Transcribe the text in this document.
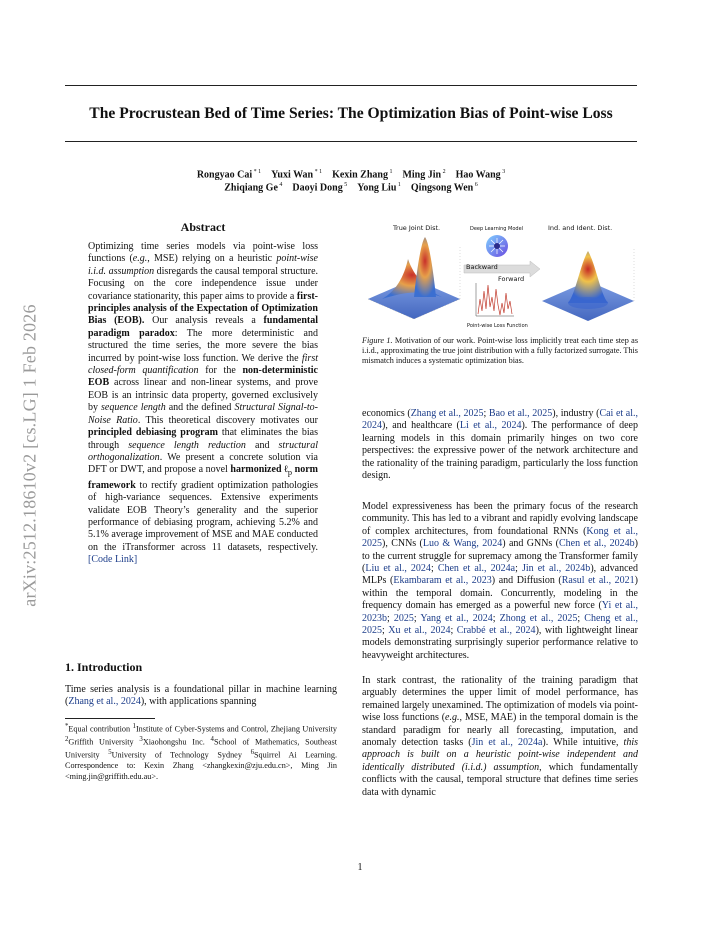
arXiv:2512.18610v2 [cs.LG] 1 Feb 2026
The Procrustean Bed of Time Series: The Optimization Bias of Point-wise Loss
Rongyao Cai $^{* 1}$  Yuxi Wan $^{* 1}$  Kexin Zhang $^1$  Ming Jin $^2$  Hao Wang $^3$
Zhiqiang Ge $^4$  Daoyi Dong $^5$  Yong Liu $^1$  Qingsong Wen $^6$
Abstract

Optimizing time series models via point-wise loss functions (e.g., MSE) relying on a heuristic point-wise i.i.d. assumption disregards the causal temporal structure. Focusing on the core independence issue under covariance stationarity, this paper aims to provide a first-principles analysis of the Expectation of Optimization Bias (EOB). Our analysis reveals a fundamental paradigm paradox: The more deterministic and structured the time series, the more severe the bias incurred by point-wise loss function. We derive the first closed-form quantification for the non-deterministic EOB across linear and non-linear systems, and prove EOB is an intrinsic data property, governed exclusively by sequence length and the defined Structural Signal-to-Noise Ratio. This theoretical discovery motivates our principled debiasing program that eliminates the bias through sequence length reduction and structural orthogonalization. We present a concrete solution via DFT or DWT, and propose a novel harmonized ℓ$_p$ norm framework to rectify gradient optimization pathologies of high-variance sequences. Extensive experiments validate EOB Theory’s generality and the superior performance of debiasing program, achieving 5.2% and 5.1% average improvement of MSE and MAE conducted on the iTransformer across 11 datasets, respectively. [Code Link]

1. Introduction

Time series analysis is a foundational pillar in machine learning (Zhang et al., 2024), with applications spanning

*Equal contribution $^1$Institute of Cyber-Systems and Control, Zhejiang University $^2$Griffith University $^3$Xiaohongshu Inc. $^4$School of Mathematics, Southeast University $^5$University of Technology Sydney $^6$Squirrel Ai Learning. Correspondence to: Kexin Zhang <zhangkexin@zju.edu.cn>, Ming Jin <ming.jin@griffith.edu.au>.

True Joint Dist.	Deep Learning Model
Backward
Forward
Point-wise Loss Function
Ind. and Ident. Dist.

Figure 1. Motivation of our work. Point-wise loss implicitly treat each time step as i.i.d., approximating the true joint distribution with a fully factorized surrogate. This mismatch induces a systematic optimization bias.

economics (Zhang et al., 2025; Bao et al., 2025), industry (Cai et al., 2024), and healthcare (Li et al., 2024). The performance of deep learning models in this domain primarily hinges on two core perspectives: the expressive power of the network architecture and the rationality of the training paradigm, particularly the loss function design.

Model expressiveness has been the primary focus of the research community. This has led to a vibrant and rapidly evolving landscape of complex architectures, from foundational RNNs (Kong et al., 2025), CNNs (Luo & Wang, 2024) and GNNs (Chen et al., 2024b) to the current struggle for supremacy among the Transformer family (Liu et al., 2024; Chen et al., 2024a; Jin et al., 2024b), advanced MLPs (Ekambaram et al., 2023) and Diffusion (Rasul et al., 2021) within the temporal domain. Concurrently, modeling in the frequency domain has emerged as a powerful new force (Yi et al., 2023b; 2025; Yang et al., 2024; Zhong et al., 2025; Cheng et al., 2025; Xu et al., 2024; Crabbé et al., 2024), with lightweight linear models demonstrating surprisingly superior performance relative to heavyweight architectures.

In stark contrast, the rationality of the training paradigm that arguably determines the upper limit of model performance, has remained largely unexamined. The optimization of models via point-wise loss functions (e.g., MSE, MAE) in the temporal domain is the standard paradigm for nearly all forecasting, imputation, and anomaly detection tasks (Jin et al., 2024a). While intuitive, this approach is built on a heuristic point-wise independent and identically distributed (i.i.d.) assumption, which fundamentally conflicts with the causal, temporal structure that defines time series data with dynamic

1
